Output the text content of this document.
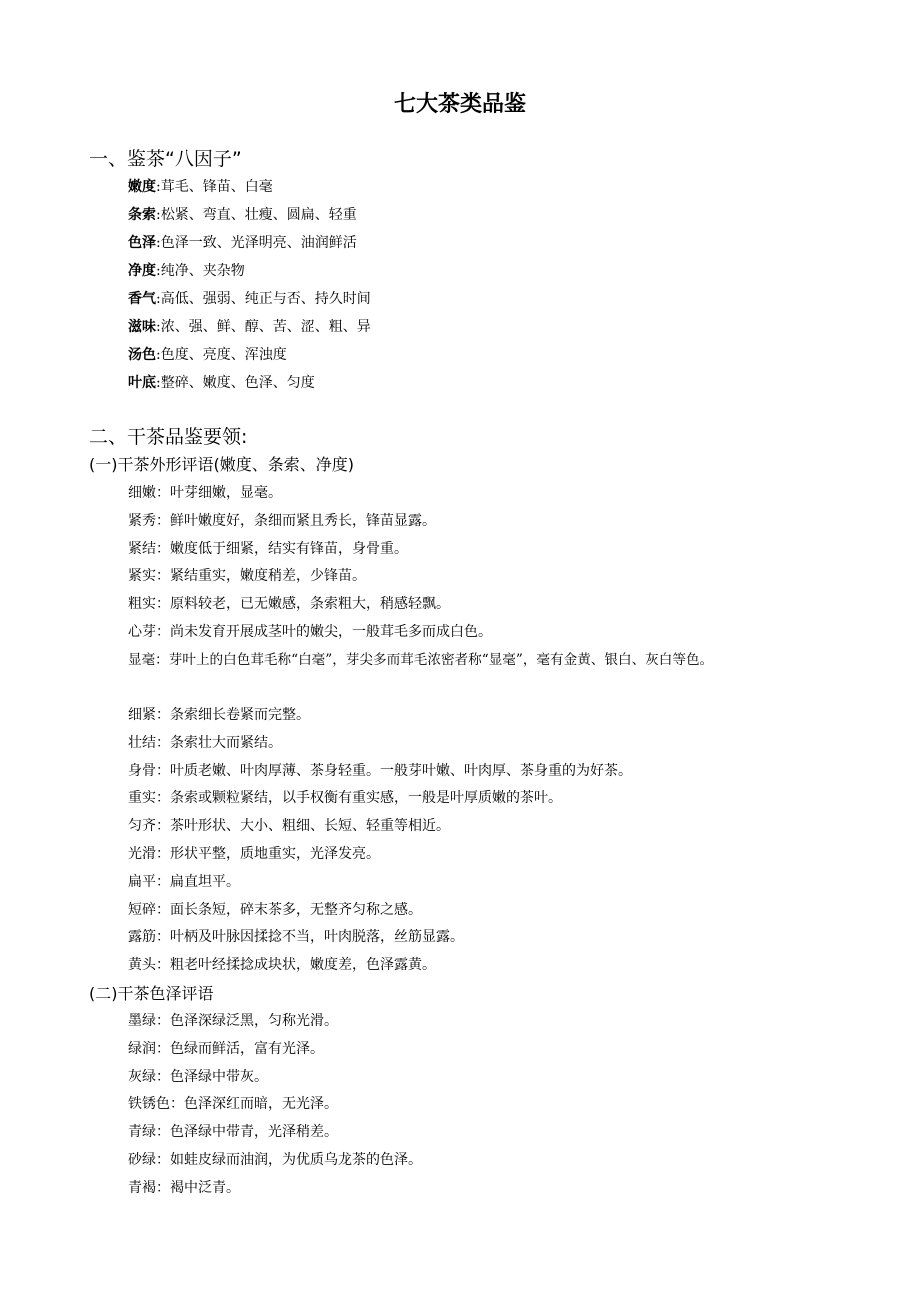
七大茶类品鉴
一、鉴茶“八因子”
嫩度:茸毛、锋苗、白毫
条索:松紧、弯直、壮瘦、圆扁、轻重
色泽:色泽一致、光泽明亮、油润鲜活
净度:纯净、夹杂物
香气:高低、强弱、纯正与否、持久时间
滋味:浓、强、鲜、醇、苦、涩、粗、异
汤色:色度、亮度、浑浊度
叶底:整碎、嫩度、色泽、匀度
二、干茶品鉴要领:
(一)干茶外形评语(嫩度、条索、净度)
细嫩：叶芽细嫩，显毫。
紧秀：鲜叶嫩度好，条细而紧且秀长，锋苗显露。
紧结：嫩度低于细紧，结实有锋苗，身骨重。
紧实：紧结重实，嫩度稍差，少锋苗。
粗实：原料较老，已无嫩感，条索粗大，稍感轻飘。
心芽：尚未发育开展成茎叶的嫩尖，一般茸毛多而成白色。
显毫：芽叶上的白色茸毛称“白毫”，芽尖多而茸毛浓密者称“显毫”，毫有金黄、银白、灰白等色。
细紧：条索细长卷紧而完整。
壮结：条索壮大而紧结。
身骨：叶质老嫩、叶肉厚薄、茶身轻重。一般芽叶嫩、叶肉厚、茶身重的为好茶。
重实：条索或颗粒紧结，以手权衡有重实感，一般是叶厚质嫩的茶叶。
匀齐：茶叶形状、大小、粗细、长短、轻重等相近。
光滑：形状平整，质地重实，光泽发亮。
扁平：扁直坦平。
短碎：面长条短，碎末茶多，无整齐匀称之感。
露筋：叶柄及叶脉因揉捻不当，叶肉脱落，丝筋显露。
黄头：粗老叶经揉捻成块状，嫩度差，色泽露黄。
(二)干茶色泽评语
墨绿：色泽深绿泛黑，匀称光滑。
绿润：色绿而鲜活，富有光泽。
灰绿：色泽绿中带灰。
铁锈色：色泽深红而暗，无光泽。
青绿：色泽绿中带青，光泽稍差。
砂绿：如蛙皮绿而油润，为优质乌龙茶的色泽。
青褐：褐中泛青。
